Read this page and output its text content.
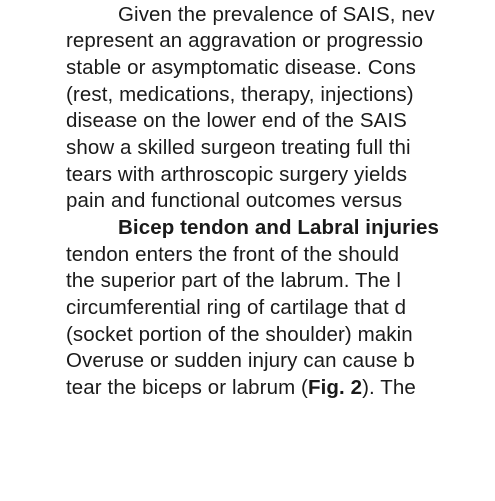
Given the prevalence of SAIS, nev
represent an aggravation or progressio
stable or asymptomatic disease. Cons
(rest, medications, therapy, injections)
disease on the lower end of the SAIS
show a skilled surgeon treating full thi
tears with arthroscopic surgery yields
pain and functional outcomes versus
Bicep tendon and Labral injuries
tendon enters the front of the should
the superior part of the labrum. The l
circumferential ring of cartilage that d
(socket portion of the shoulder) makin
Overuse or sudden injury can cause b
tear the biceps or labrum (Fig. 2). The
